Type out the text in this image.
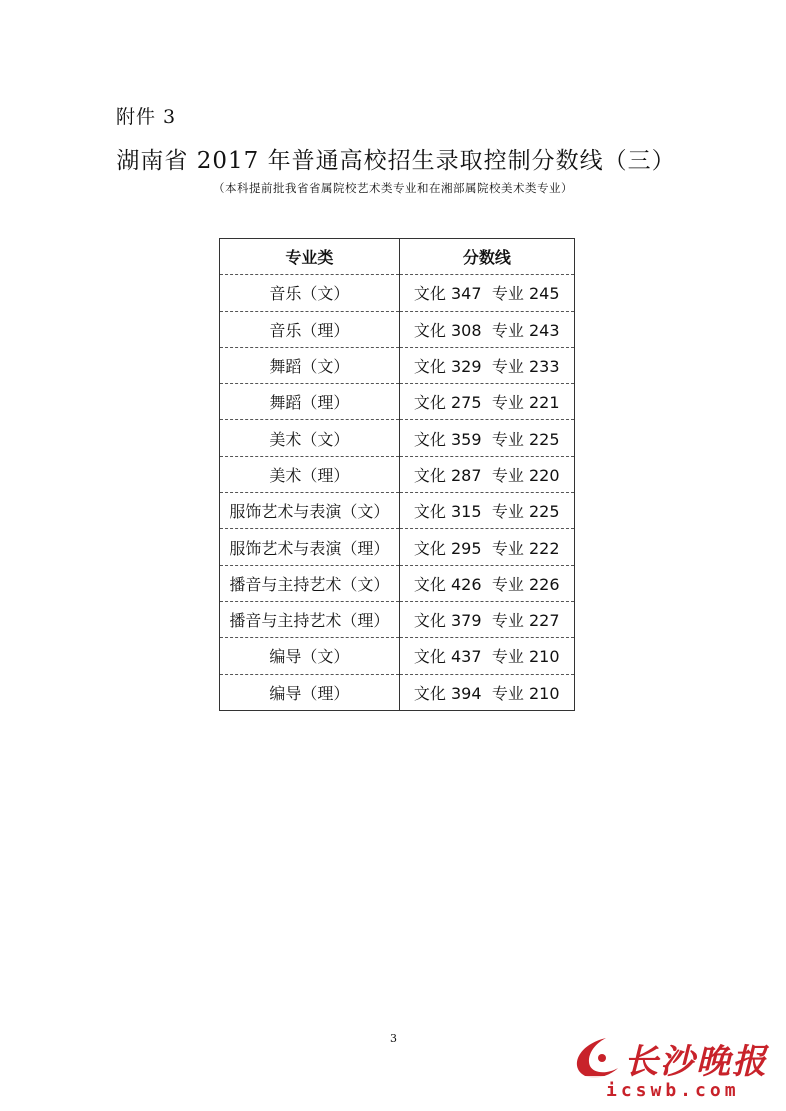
附件 3
湖南省 2017 年普通高校招生录取控制分数线（三）
（本科提前批我省省属院校艺术类专业和在湘部属院校美术类专业）
专业类	分数线
音乐（文）	文化 347 专业 245
音乐（理）	文化 308 专业 243
舞蹈（文）	文化 329 专业 233
舞蹈（理）	文化 275 专业 221
美术（文）	文化 359 专业 225
美术（理）	文化 287 专业 220
服饰艺术与表演（文）	文化 315 专业 225
服饰艺术与表演（理）	文化 295 专业 222
播音与主持艺术（文）	文化 426 专业 226
播音与主持艺术（理）	文化 379 专业 227
编导（文）	文化 437 专业 210
编导（理）	文化 394 专业 210
3
长沙晚报
icswb.com
